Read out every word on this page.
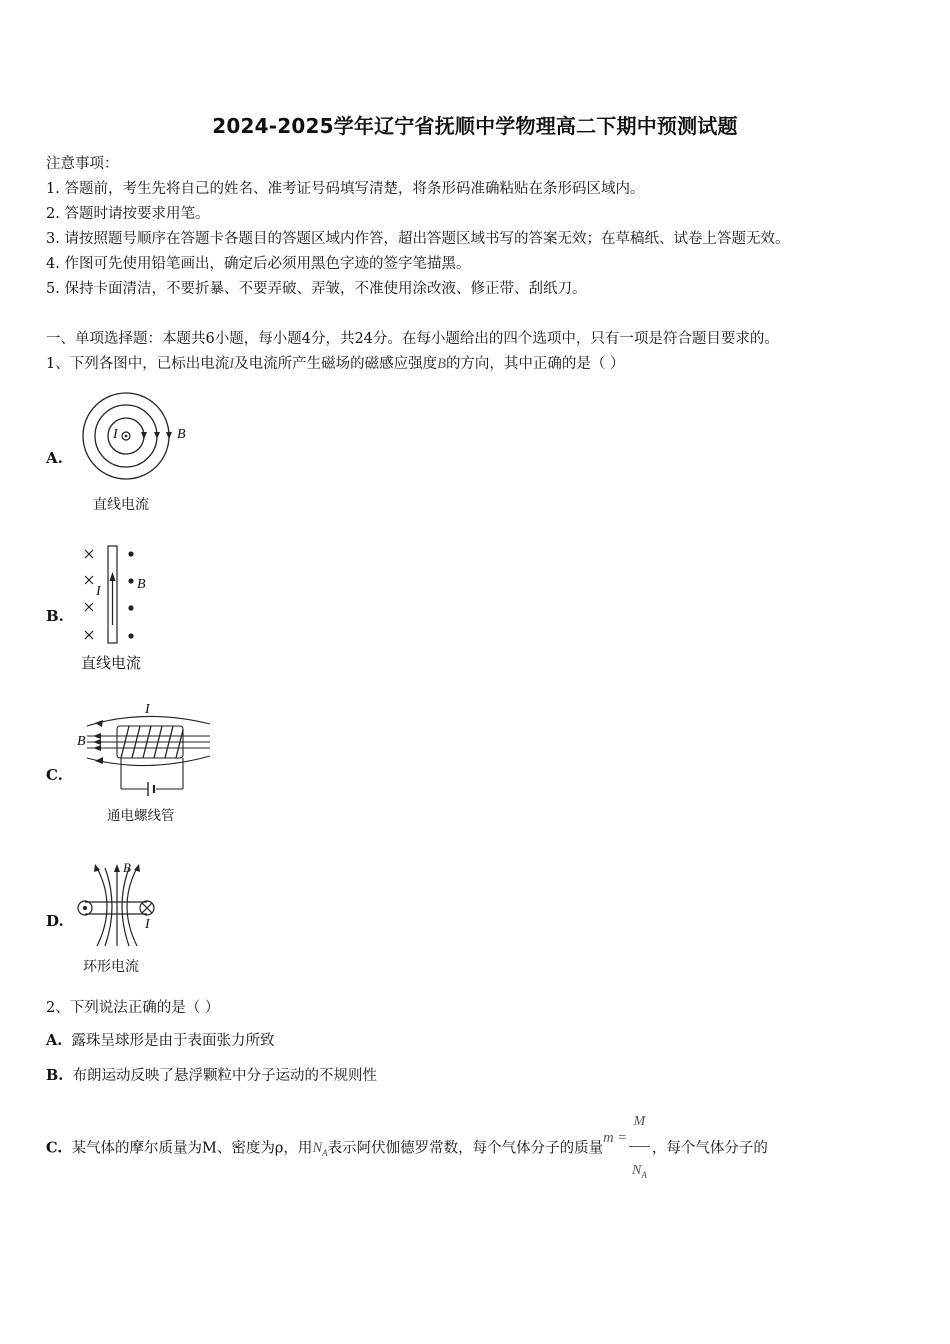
2024-2025学年辽宁省抚顺中学物理高二下期中预测试题
注意事项：
1. 答题前，考生先将自己的姓名、准考证号码填写清楚，将条形码准确粘贴在条形码区域内。
2. 答题时请按要求用笔。
3. 请按照题号顺序在答题卡各题目的答题区域内作答，超出答题区域书写的答案无效；在草稿纸、试卷上答题无效。
4. 作图可先使用铅笔画出，确定后必须用黑色字迹的签字笔描黑。
5. 保持卡面清洁，不要折暴、不要弄破、弄皱，不准使用涂改液、修正带、刮纸刀。
一、单项选择题：本题共6小题，每小题4分，共24分。在每小题给出的四个选项中，只有一项是符合题目要求的。
1、下列各图中，已标出电流I及电流所产生磁场的磁感应强度B的方向，其中正确的是（ ）
A.
I	B
直线电流
B.
I	B
直线电流
C.
I
B
通电螺线管
D.
B
I
环形电流
2、下列说法正确的是（ ）
A. 露珠呈球形是由于表面张力所致
B. 布朗运动反映了悬浮颗粒中分子运动的不规则性
C. 某气体的摩尔质量为M、密度为ρ，用$N_A$表示阿伏伽德罗常数，每个气体分子的质量$m = \frac{M}{N_A}$ ，每个气体分子的
